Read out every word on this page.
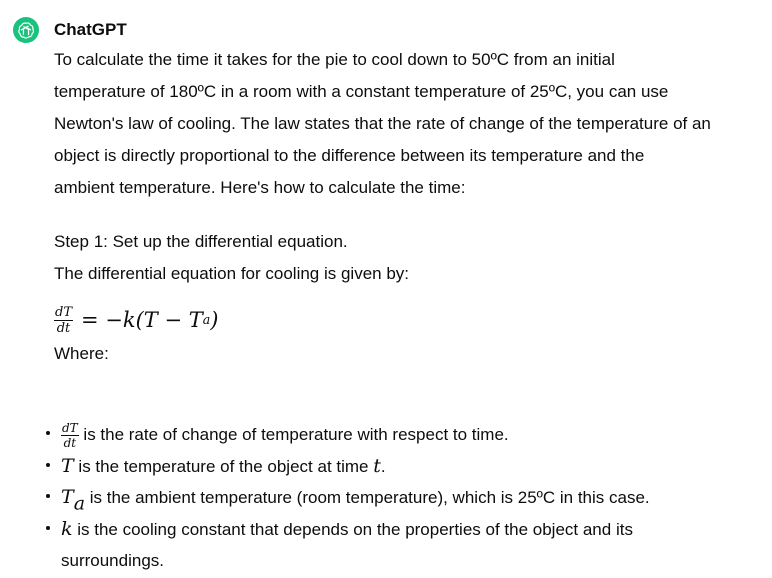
ChatGPT

To calculate the time it takes for the pie to cool down to 50ºC from an initial

temperature of 180ºC in a room with a constant temperature of 25ºC, you can use

Newton's law of cooling. The law states that the rate of change of the temperature of an

object is directly proportional to the difference between its temperature and the

ambient temperature. Here's how to calculate the time:

Step 1: Set up the differential equation.

The differential equation for cooling is given by:

$\frac{dT}{dt} = -k(T - T$ a )

Where:

$\frac{dT}{dt}$ is the rate of change of temperature with respect to time.
T is the temperature of the object at time t.
Ta is the ambient temperature (room temperature), which is 25ºC in this case.
k is the cooling constant that depends on the properties of the object and its
surroundings.
